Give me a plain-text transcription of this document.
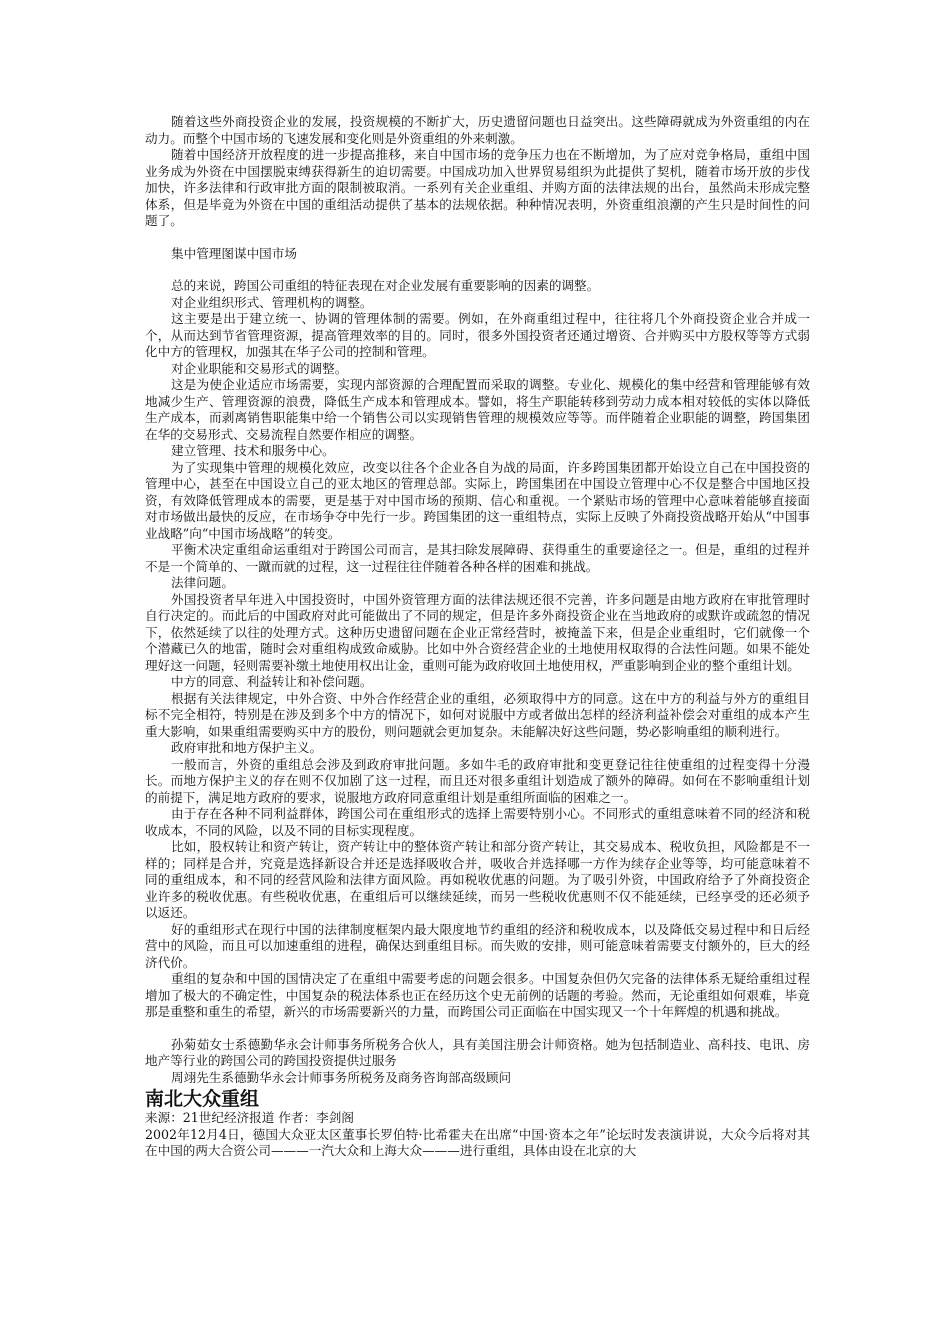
随着这些外商投资企业的发展，投资规模的不断扩大，历史遗留问题也日益突出。这些障碍就成为外资重组的内在动力。而整个中国市场的飞速发展和变化则是外资重组的外来刺激。

随着中国经济开放程度的进一步提高推移，来自中国市场的竞争压力也在不断增加，为了应对竞争格局，重组中国业务成为外资在中国摆脱束缚获得新生的迫切需要。中国成功加入世界贸易组织为此提供了契机，随着市场开放的步伐加快，许多法律和行政审批方面的限制被取消。一系列有关企业重组、并购方面的法律法规的出台，虽然尚未形成完整体系，但是毕竟为外资在中国的重组活动提供了基本的法规依据。种种情况表明，外资重组浪潮的产生只是时间性的问题了。

集中管理图谋中国市场

总的来说，跨国公司重组的特征表现在对企业发展有重要影响的因素的调整。

对企业组织形式、管理机构的调整。

这主要是出于建立统一、协调的管理体制的需要。例如，在外商重组过程中，往往将几个外商投资企业合并成一个，从而达到节省管理资源，提高管理效率的目的。同时，很多外国投资者还通过增资、合并购买中方股权等等方式弱化中方的管理权，加强其在华子公司的控制和管理。

对企业职能和交易形式的调整。

这是为使企业适应市场需要，实现内部资源的合理配置而采取的调整。专业化、规模化的集中经营和管理能够有效地减少生产、管理资源的浪费，降低生产成本和管理成本。譬如，将生产职能转移到劳动力成本相对较低的实体以降低生产成本，而剥离销售职能集中给一个销售公司以实现销售管理的规模效应等等。而伴随着企业职能的调整，跨国集团在华的交易形式、交易流程自然要作相应的调整。

建立管理、技术和服务中心。

为了实现集中管理的规模化效应，改变以往各个企业各自为战的局面，许多跨国集团都开始设立自己在中国投资的管理中心，甚至在中国设立自己的亚太地区的管理总部。实际上，跨国集团在中国设立管理中心不仅是整合中国地区投资，有效降低管理成本的需要，更是基于对中国市场的预期、信心和重视。一个紧贴市场的管理中心意味着能够直接面对市场做出最快的反应，在市场争夺中先行一步。跨国集团的这一重组特点，实际上反映了外商投资战略开始从“中国事业战略”向“中国市场战略”的转变。

平衡术决定重组命运重组对于跨国公司而言，是其扫除发展障碍、获得重生的重要途径之一。但是，重组的过程并不是一个简单的、一蹴而就的过程，这一过程往往伴随着各种各样的困难和挑战。

法律问题。

外国投资者早年进入中国投资时，中国外资管理方面的法律法规还很不完善，许多问题是由地方政府在审批管理时自行决定的。而此后的中国政府对此可能做出了不同的规定，但是许多外商投资企业在当地政府的或默许或疏忽的情况下，依然延续了以往的处理方式。这种历史遗留问题在企业正常经营时，被掩盖下来，但是企业重组时，它们就像一个个潜藏已久的地雷，随时会对重组构成致命威胁。比如中外合资经营企业的土地使用权取得的合法性问题。如果不能处理好这一问题，轻则需要补缴土地使用权出让金，重则可能为政府收回土地使用权，严重影响到企业的整个重组计划。

中方的同意、利益转让和补偿问题。

根据有关法律规定，中外合资、中外合作经营企业的重组，必须取得中方的同意。这在中方的利益与外方的重组目标不完全相符，特别是在涉及到多个中方的情况下，如何对说服中方或者做出怎样的经济利益补偿会对重组的成本产生重大影响，如果重组需要购买中方的股份，则问题就会更加复杂。未能解决好这些问题，势必影响重组的顺利进行。

政府审批和地方保护主义。

一般而言，外资的重组总会涉及到政府审批问题。多如牛毛的政府审批和变更登记往往使重组的过程变得十分漫长。而地方保护主义的存在则不仅加剧了这一过程，而且还对很多重组计划造成了额外的障碍。如何在不影响重组计划的前提下，满足地方政府的要求，说服地方政府同意重组计划是重组所面临的困难之一。

由于存在各种不同利益群体，跨国公司在重组形式的选择上需要特别小心。不同形式的重组意味着不同的经济和税收成本，不同的风险，以及不同的目标实现程度。

比如，股权转让和资产转让，资产转让中的整体资产转让和部分资产转让，其交易成本、税收负担，风险都是不一样的；同样是合并，究竟是选择新设合并还是选择吸收合并，吸收合并选择哪一方作为续存企业等等，均可能意味着不同的重组成本，和不同的经营风险和法律方面风险。再如税收优惠的问题。为了吸引外资，中国政府给予了外商投资企业许多的税收优惠。有些税收优惠，在重组后可以继续延续，而另一些税收优惠则不仅不能延续，已经享受的还必须予以返还。

好的重组形式在现行中国的法律制度框架内最大限度地节约重组的经济和税收成本，以及降低交易过程中和日后经营中的风险，而且可以加速重组的进程，确保达到重组目标。而失败的安排，则可能意味着需要支付额外的，巨大的经济代价。

重组的复杂和中国的国情决定了在重组中需要考虑的问题会很多。中国复杂但仍欠完备的法律体系无疑给重组过程增加了极大的不确定性，中国复杂的税法体系也正在经历这个史无前例的话题的考验。然而，无论重组如何艰难，毕竟那是重整和重生的希望，新兴的市场需要新兴的力量，而跨国公司正面临在中国实现又一个十年辉煌的机遇和挑战。

孙菊茹女士系德勤华永会计师事务所税务合伙人，具有美国注册会计师资格。她为包括制造业、高科技、电讯、房地产等行业的跨国公司的跨国投资提供过服务

周翊先生系德勤华永会计师事务所税务及商务咨询部高级顾问

南北大众重组

来源：21世纪经济报道 作者：李剑阁

2002年12月4日，德国大众亚太区董事长罗伯特·比希霍夫在出席“中国·资本之年”论坛时发表演讲说，大众今后将对其在中国的两大合资公司———一汽大众和上海大众———进行重组，具体由设在北京的大
